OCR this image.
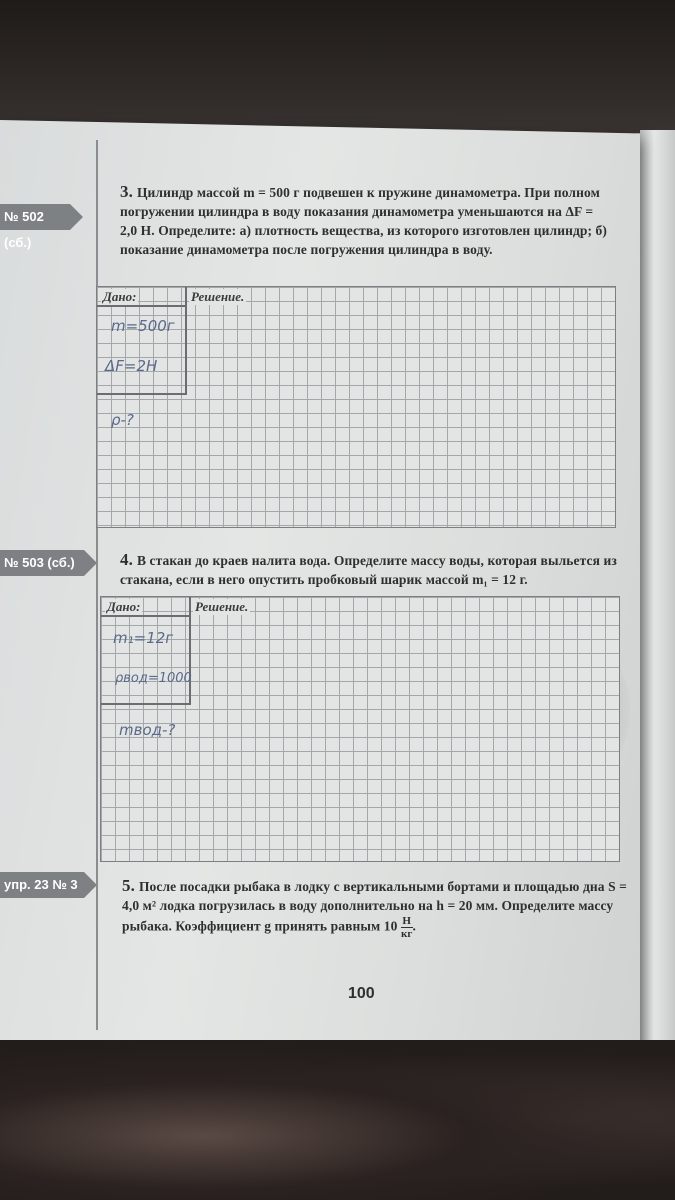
№ 502 (сб.)
3. Цилиндр массой m = 500 г подвешен к пружине динамометра. При полном погружении цилиндра в воду показания динамометра уменьшаются на ΔF = 2,0 Н. Определите: а) плотность вещества, из которого изготовлен цилиндр; б) показание динамометра после погружения цилиндра в воду.
Дано:	Решение.
m=500г
ΔF=2Н
ρ-?
№ 503 (сб.)	4. В стакан до краев налита вода. Определите массу воды, которая выльется из стакана, если в него опустить пробковый шарик массой m₁ = 12 г.
Дано:	Решение.
m₁=12г
ρвод=1000
mвод-?
упр. 23 № 3	5. После посадки рыбака в лодку с вертикальными бортами и площадью дна S = 4,0 м² лодка погрузилась в воду дополнительно на h = 20 мм. Определите массу рыбака. Коэффициент g принять равным $10 \frac{Н}{кг}$ .
100
